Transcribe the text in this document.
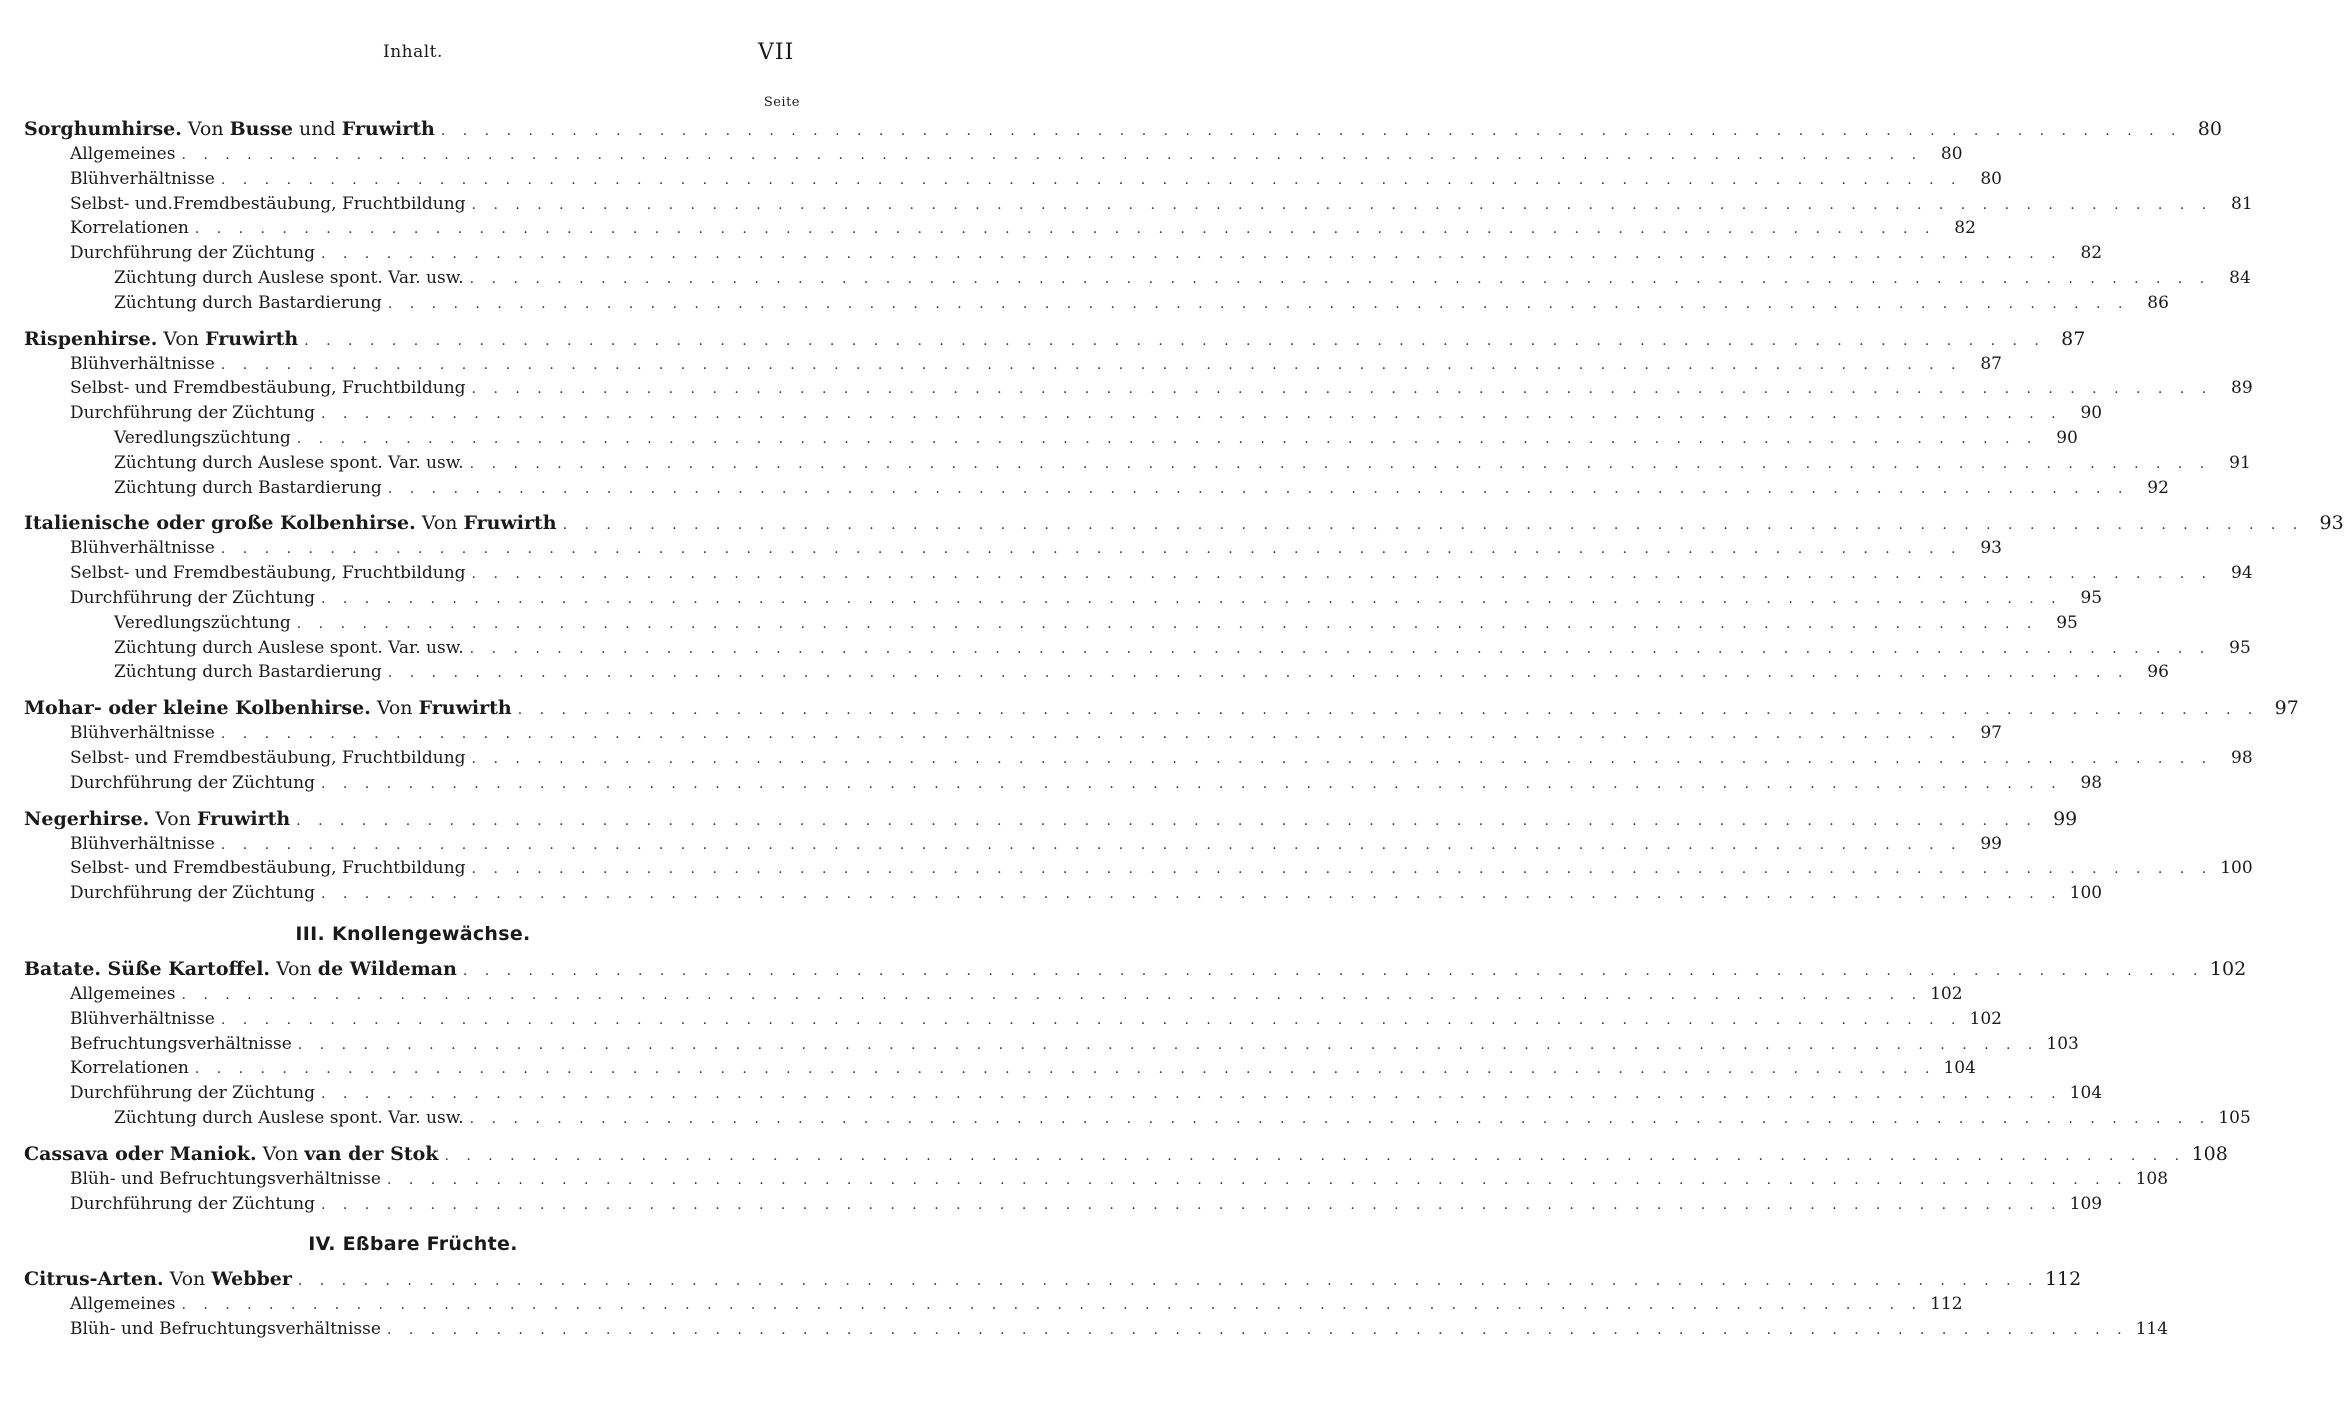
Inhalt.	VII
Seite
Sorghumhirse. Von Busse und Fruwirth . . . . . . . . . . . . . . . . . . . . . . . . . . . . . . . . . . . . . . . . . . . . . . . . . . . . . . . . . . . . . . . . . . . . . . . . . . . . . . . . 80
Allgemeines . . . . . . . . . . . . . . . . . . . . . . . . . . . . . . . . . . . . . . . . . . . . . . . . . . . . . . . . . . . . . . . . . . . . . . . . . . . . . . . .	80
Blühverhältnisse . . . . . . . . . . . . . . . . . . . . . . . . . . . . . . . . . . . . . . . . . . . . . . . . . . . . . . . . . . . . . . . . . . . . . . . . . . . . . . . .	80
Selbst- und.Fremdbestäubung, Fruchtbildung . . . . . . . . . . . . . . . . . . . . . . . . . . . . . . . . . . . . . . . . . . . . . . . . . . . . . . . . . . . . . . . . . . . . . . . . . . . . . . . .	81
Korrelationen . . . . . . . . . . . . . . . . . . . . . . . . . . . . . . . . . . . . . . . . . . . . . . . . . . . . . . . . . . . . . . . . . . . . . . . . . . . . . . . .	82
Durchführung der Züchtung . . . . . . . . . . . . . . . . . . . . . . . . . . . . . . . . . . . . . . . . . . . . . . . . . . . . . . . . . . . . . . . . . . . . . . . . . . . . . . . .	82
Züchtung durch Auslese spont. Var. usw. . . . . . . . . . . . . . . . . . . . . . . . . . . . . . . . . . . . . . . . . . . . . . . . . . . . . . . . . . . . . . . . . . . . . . . . . . . . . . . . .	84
Züchtung durch Bastardierung . . . . . . . . . . . . . . . . . . . . . . . . . . . . . . . . . . . . . . . . . . . . . . . . . . . . . . . . . . . . . . . . . . . . . . . . . . . . . . . .	86
Rispenhirse. Von Fruwirth . . . . . . . . . . . . . . . . . . . . . . . . . . . . . . . . . . . . . . . . . . . . . . . . . . . . . . . . . . . . . . . . . . . . . . . . . . . . . . . . 87
Blühverhältnisse . . . . . . . . . . . . . . . . . . . . . . . . . . . . . . . . . . . . . . . . . . . . . . . . . . . . . . . . . . . . . . . . . . . . . . . . . . . . . . . .	87
Selbst- und Fremdbestäubung, Fruchtbildung . . . . . . . . . . . . . . . . . . . . . . . . . . . . . . . . . . . . . . . . . . . . . . . . . . . . . . . . . . . . . . . . . . . . . . . . . . . . . . . .	89
Durchführung der Züchtung . . . . . . . . . . . . . . . . . . . . . . . . . . . . . . . . . . . . . . . . . . . . . . . . . . . . . . . . . . . . . . . . . . . . . . . . . . . . . . . .	90
Veredlungszüchtung . . . . . . . . . . . . . . . . . . . . . . . . . . . . . . . . . . . . . . . . . . . . . . . . . . . . . . . . . . . . . . . . . . . . . . . . . . . . . . . .	90
Züchtung durch Auslese spont. Var. usw. . . . . . . . . . . . . . . . . . . . . . . . . . . . . . . . . . . . . . . . . . . . . . . . . . . . . . . . . . . . . . . . . . . . . . . . . . . . . . . . .	91
Züchtung durch Bastardierung . . . . . . . . . . . . . . . . . . . . . . . . . . . . . . . . . . . . . . . . . . . . . . . . . . . . . . . . . . . . . . . . . . . . . . . . . . . . . . . .	92
Italienische oder große Kolbenhirse. Von Fruwirth . . . . . . . . . . . . . . . . . . . . . . . . . . . . . . . . . . . . . . . . . . . . . . . . . . . . . . . . . . . . . . . . . . . . . . . . . . . . . . . . 93
Blühverhältnisse . . . . . . . . . . . . . . . . . . . . . . . . . . . . . . . . . . . . . . . . . . . . . . . . . . . . . . . . . . . . . . . . . . . . . . . . . . . . . . . .	93
Selbst- und Fremdbestäubung, Fruchtbildung . . . . . . . . . . . . . . . . . . . . . . . . . . . . . . . . . . . . . . . . . . . . . . . . . . . . . . . . . . . . . . . . . . . . . . . . . . . . . . . .	94
Durchführung der Züchtung . . . . . . . . . . . . . . . . . . . . . . . . . . . . . . . . . . . . . . . . . . . . . . . . . . . . . . . . . . . . . . . . . . . . . . . . . . . . . . . .	95
Veredlungszüchtung . . . . . . . . . . . . . . . . . . . . . . . . . . . . . . . . . . . . . . . . . . . . . . . . . . . . . . . . . . . . . . . . . . . . . . . . . . . . . . . .	95
Züchtung durch Auslese spont. Var. usw. . . . . . . . . . . . . . . . . . . . . . . . . . . . . . . . . . . . . . . . . . . . . . . . . . . . . . . . . . . . . . . . . . . . . . . . . . . . . . . . .	95
Züchtung durch Bastardierung . . . . . . . . . . . . . . . . . . . . . . . . . . . . . . . . . . . . . . . . . . . . . . . . . . . . . . . . . . . . . . . . . . . . . . . . . . . . . . . .	96
Mohar- oder kleine Kolbenhirse. Von Fruwirth . . . . . . . . . . . . . . . . . . . . . . . . . . . . . . . . . . . . . . . . . . . . . . . . . . . . . . . . . . . . . . . . . . . . . . . . . . . . . . . . 97
Blühverhältnisse . . . . . . . . . . . . . . . . . . . . . . . . . . . . . . . . . . . . . . . . . . . . . . . . . . . . . . . . . . . . . . . . . . . . . . . . . . . . . . . .	97
Selbst- und Fremdbestäubung, Fruchtbildung . . . . . . . . . . . . . . . . . . . . . . . . . . . . . . . . . . . . . . . . . . . . . . . . . . . . . . . . . . . . . . . . . . . . . . . . . . . . . . . .	98
Durchführung der Züchtung . . . . . . . . . . . . . . . . . . . . . . . . . . . . . . . . . . . . . . . . . . . . . . . . . . . . . . . . . . . . . . . . . . . . . . . . . . . . . . . .	98
Negerhirse. Von Fruwirth . . . . . . . . . . . . . . . . . . . . . . . . . . . . . . . . . . . . . . . . . . . . . . . . . . . . . . . . . . . . . . . . . . . . . . . . . . . . . . . . 99
Blühverhältnisse . . . . . . . . . . . . . . . . . . . . . . . . . . . . . . . . . . . . . . . . . . . . . . . . . . . . . . . . . . . . . . . . . . . . . . . . . . . . . . . .	99
Selbst- und Fremdbestäubung, Fruchtbildung . . . . . . . . . . . . . . . . . . . . . . . . . . . . . . . . . . . . . . . . . . . . . . . . . . . . . . . . . . . . . . . . . . . . . . . . . . . . . . . . 100
Durchführung der Züchtung . . . . . . . . . . . . . . . . . . . . . . . . . . . . . . . . . . . . . . . . . . . . . . . . . . . . . . . . . . . . . . . . . . . . . . . . . . . . . . . . 100
III. Knollengewächse.
Batate. Süße Kartoffel. Von de Wildeman . . . . . . . . . . . . . . . . . . . . . . . . . . . . . . . . . . . . . . . . . . . . . . . . . . . . . . . . . . . . . . . . . . . . . . . . . . . . . . . . 102
Allgemeines . . . . . . . . . . . . . . . . . . . . . . . . . . . . . . . . . . . . . . . . . . . . . . . . . . . . . . . . . . . . . . . . . . . . . . . . . . . . . . . . 102
Blühverhältnisse . . . . . . . . . . . . . . . . . . . . . . . . . . . . . . . . . . . . . . . . . . . . . . . . . . . . . . . . . . . . . . . . . . . . . . . . . . . . . . . . 102
Befruchtungsverhältnisse . . . . . . . . . . . . . . . . . . . . . . . . . . . . . . . . . . . . . . . . . . . . . . . . . . . . . . . . . . . . . . . . . . . . . . . . . . . . . . . . 103
Korrelationen . . . . . . . . . . . . . . . . . . . . . . . . . . . . . . . . . . . . . . . . . . . . . . . . . . . . . . . . . . . . . . . . . . . . . . . . . . . . . . . . 104
Durchführung der Züchtung . . . . . . . . . . . . . . . . . . . . . . . . . . . . . . . . . . . . . . . . . . . . . . . . . . . . . . . . . . . . . . . . . . . . . . . . . . . . . . . . 104
Züchtung durch Auslese spont. Var. usw. . . . . . . . . . . . . . . . . . . . . . . . . . . . . . . . . . . . . . . . . . . . . . . . . . . . . . . . . . . . . . . . . . . . . . . . . . . . . . . . . 105
Cassava oder Maniok. Von van der Stok . . . . . . . . . . . . . . . . . . . . . . . . . . . . . . . . . . . . . . . . . . . . . . . . . . . . . . . . . . . . . . . . . . . . . . . . . . . . . . . . 108
Blüh- und Befruchtungsverhältnisse . . . . . . . . . . . . . . . . . . . . . . . . . . . . . . . . . . . . . . . . . . . . . . . . . . . . . . . . . . . . . . . . . . . . . . . . . . . . . . . . 108
Durchführung der Züchtung . . . . . . . . . . . . . . . . . . . . . . . . . . . . . . . . . . . . . . . . . . . . . . . . . . . . . . . . . . . . . . . . . . . . . . . . . . . . . . . . 109
IV. Eßbare Früchte.
Citrus-Arten. Von Webber . . . . . . . . . . . . . . . . . . . . . . . . . . . . . . . . . . . . . . . . . . . . . . . . . . . . . . . . . . . . . . . . . . . . . . . . . . . . . . . . 112
Allgemeines . . . . . . . . . . . . . . . . . . . . . . . . . . . . . . . . . . . . . . . . . . . . . . . . . . . . . . . . . . . . . . . . . . . . . . . . . . . . . . . . 112
Blüh- und Befruchtungsverhältnisse . . . . . . . . . . . . . . . . . . . . . . . . . . . . . . . . . . . . . . . . . . . . . . . . . . . . . . . . . . . . . . . . . . . . . . . . . . . . . . . . 114
